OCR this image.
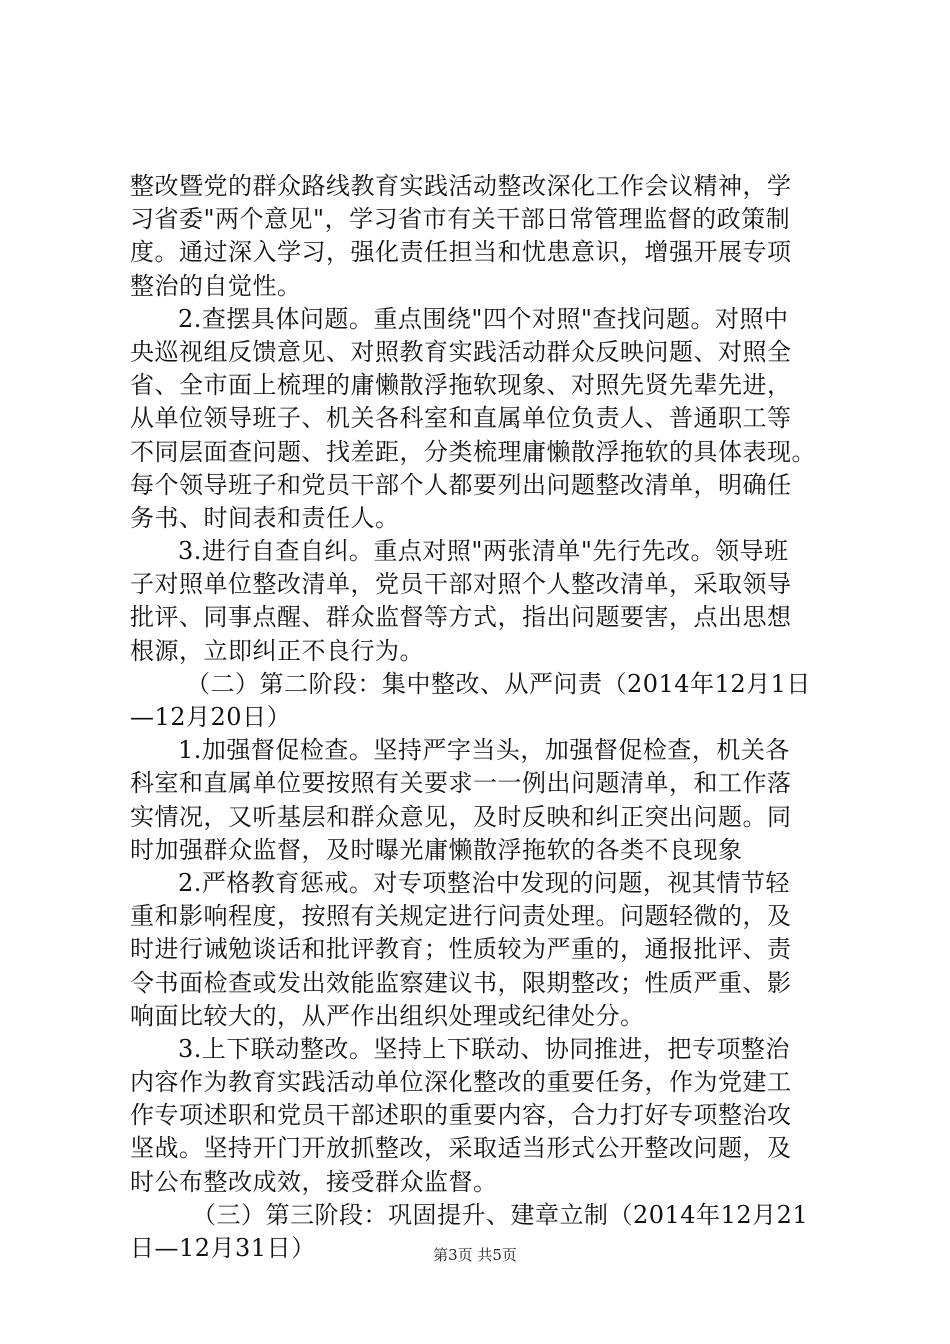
整改暨党的群众路线教育实践活动整改深化工作会议精神，学
习省委"两个意见"，学习省市有关干部日常管理监督的政策制
度。通过深入学习，强化责任担当和忧患意识，增强开展专项
整治的自觉性。
2.查摆具体问题。重点围绕"四个对照"查找问题。对照中
央巡视组反馈意见、对照教育实践活动群众反映问题、对照全
省、全市面上梳理的庸懒散浮拖软现象、对照先贤先辈先进，
从单位领导班子、机关各科室和直属单位负责人、普通职工等
不同层面查问题、找差距，分类梳理庸懒散浮拖软的具体表现。
每个领导班子和党员干部个人都要列出问题整改清单，明确任
务书、时间表和责任人。
3.进行自查自纠。重点对照"两张清单"先行先改。领导班
子对照单位整改清单，党员干部对照个人整改清单，采取领导
批评、同事点醒、群众监督等方式，指出问题要害，点出思想
根源，立即纠正不良行为。
（二）第二阶段：集中整改、从严问责（2014年12月1日
—12月20日）
1.加强督促检查。坚持严字当头，加强督促检查，机关各
科室和直属单位要按照有关要求一一例出问题清单，和工作落
实情况，又听基层和群众意见，及时反映和纠正突出问题。同
时加强群众监督，及时曝光庸懒散浮拖软的各类不良现象
2.严格教育惩戒。对专项整治中发现的问题，视其情节轻
重和影响程度，按照有关规定进行问责处理。问题轻微的，及
时进行诫勉谈话和批评教育；性质较为严重的，通报批评、责
令书面检查或发出效能监察建议书，限期整改；性质严重、影
响面比较大的，从严作出组织处理或纪律处分。
3.上下联动整改。坚持上下联动、协同推进，把专项整治
内容作为教育实践活动单位深化整改的重要任务，作为党建工
作专项述职和党员干部述职的重要内容，合力打好专项整治攻
坚战。坚持开门开放抓整改，采取适当形式公开整改问题，及
时公布整改成效，接受群众监督。
（三）第三阶段：巩固提升、建章立制（2014年12月21
日—12月31日）	第3页 共5页
